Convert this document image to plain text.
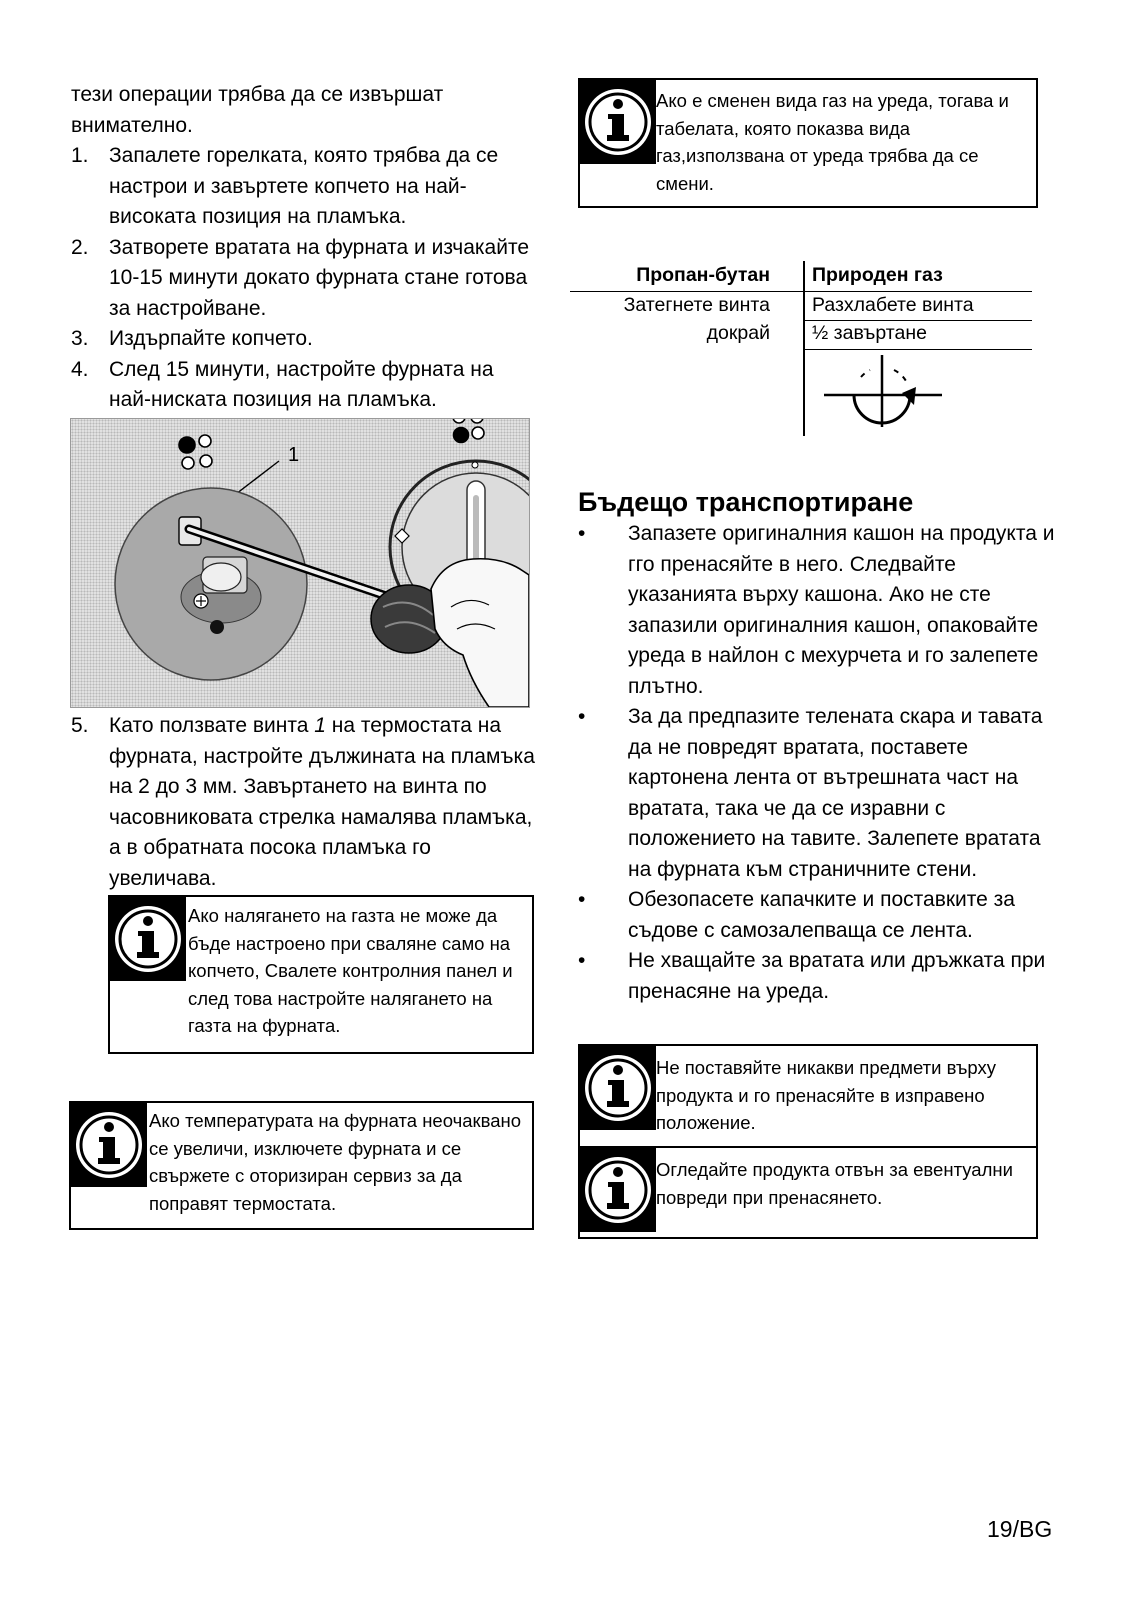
тези операции трябва да се извършат внимателно.

1. Запалете горелката, която трябва да се настрои и завъртете копчето на най-високата позиция на пламъка.
2. Затворете вратата на фурната и изчакайте 10-15 минути докато фурната стане готова за настройване.
3. Издърпайте копчето.
4. След 15 минути, настройте фурната на най-ниската позиция на пламъка.
1
5. Като ползвате винта 1 на термостата на фурната, настройте дължината на пламъка на 2 до 3 мм. Завъртането на винта по часовниковата стрелка намалява пламъка, а в обратната посока пламъка го увеличава.

Ако налягането на газта не може да бъде настроено при сваляне само на копчето, Свалете контролния панел и след това настройте налягането на газта на фурната.

Ако температурата на фурната неочаквано се увеличи, изключете фурната и се свържете с оторизиран сервиз за да поправят термостата.

Ако е сменен вида газ на уреда, тогава и табелата, която показва вида газ,използвана от уреда трябва да се смени.

Пропан-бутан Природен газ
Затегнете винта Разхлабете винта
докрай ½ завъртане
Бъдещо транспортиране
• Запазете оригиналния кашон на продукта и гго пренасяйте в него. Следвайте указанията върху кашона. Ако не сте запазили оригиналния кашон, опаковайте уреда в найлон с мехурчета и го залепете плътно.
• За да предпазите телената скара и тавата да не повредят вратата, поставете картонена лента от вътрешната част на вратата, така че да се изравни с положението на тавите. Залепете вратата на фурната към страничните стени.
• Обезопасете капачките и поставките за съдове с самозалепваща се лента.
• Не хващайте за вратата или дръжката при пренасяне на уреда.

Не поставяйте никакви предмети върху продукта и го пренасяйте в изправено положение.

Огледайте продукта отвън за евентуални повреди при пренасянето.

19/BG
